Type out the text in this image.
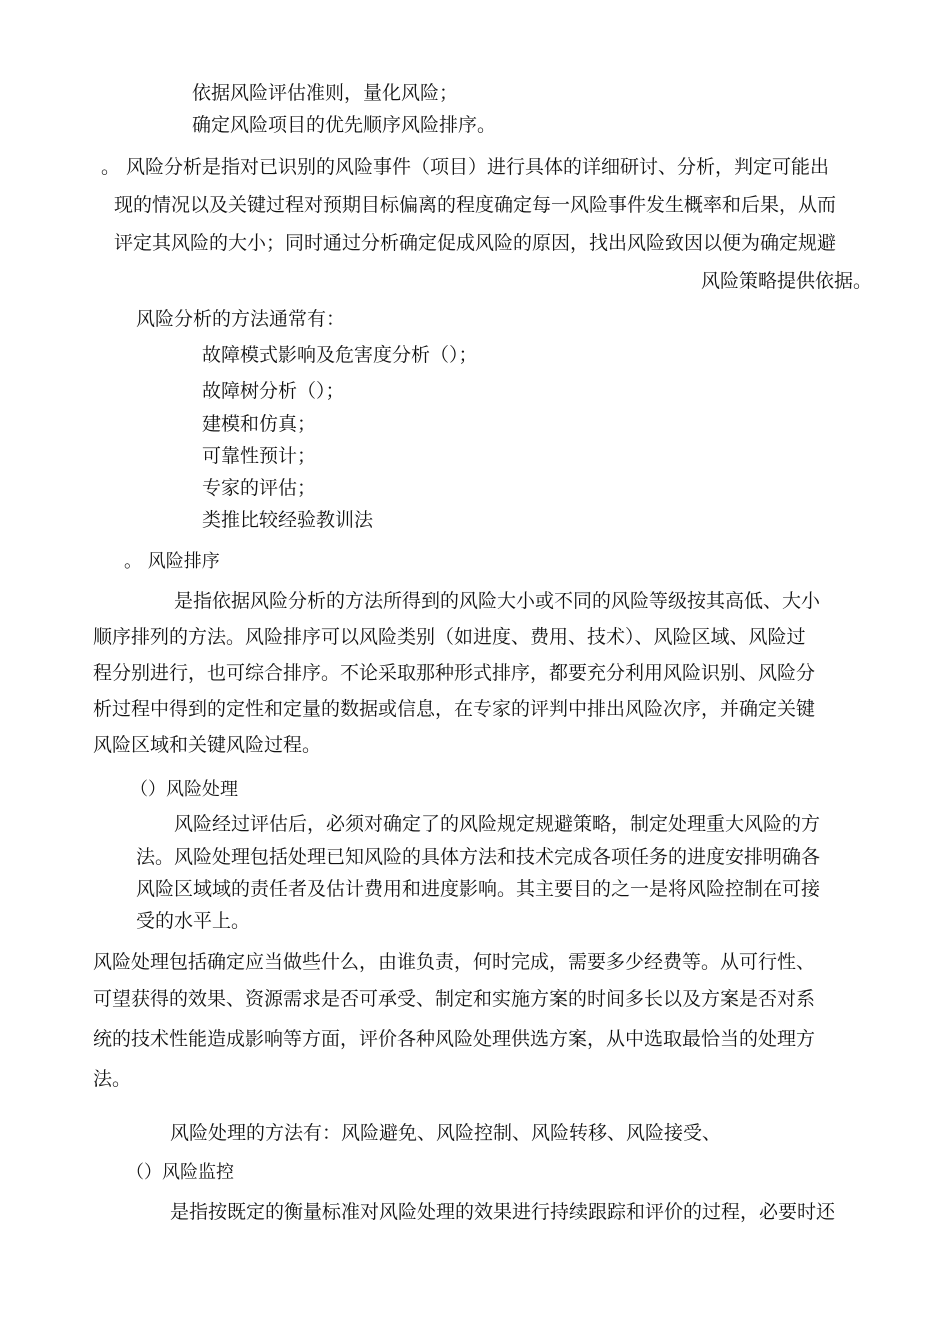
依据风险评估准则，量化风险；
确定风险项目的优先顺序风险排序。
。 风险分析是指对已识别的风险事件（项目）进行具体的详细研讨、分析，判定可能出
现的情况以及关键过程对预期目标偏离的程度确定每一风险事件发生概率和后果，从而
评定其风险的大小；同时通过分析确定促成风险的原因，找出风险致因以便为确定规避
风险策略提供依据。
风险分析的方法通常有：
故障模式影响及危害度分析（）；
故障树分析（）；
建模和仿真；
可靠性预计；
专家的评估；
类推比较经验教训法
。 风险排序
是指依据风险分析的方法所得到的风险大小或不同的风险等级按其高低、大小
顺序排列的方法。风险排序可以风险类别（如进度、费用、技术）、风险区域、风险过
程分别进行，也可综合排序。不论采取那种形式排序，都要充分利用风险识别、风险分
析过程中得到的定性和定量的数据或信息，在专家的评判中排出风险次序，并确定关键
风险区域和关键风险过程。
（）风险处理
风险经过评估后，必须对确定了的风险规定规避策略，制定处理重大风险的方
法。风险处理包括处理已知风险的具体方法和技术完成各项任务的进度安排明确各
风险区域域的责任者及估计费用和进度影响。其主要目的之一是将风险控制在可接
受的水平上。
风险处理包括确定应当做些什么，由谁负责，何时完成，需要多少经费等。从可行性、
可望获得的效果、资源需求是否可承受、制定和实施方案的时间多长以及方案是否对系
统的技术性能造成影响等方面，评价各种风险处理供选方案，从中选取最恰当的处理方
法。
风险处理的方法有：风险避免、风险控制、风险转移、风险接受、
（）风险监控
是指按既定的衡量标准对风险处理的效果进行持续跟踪和评价的过程，必要时还
